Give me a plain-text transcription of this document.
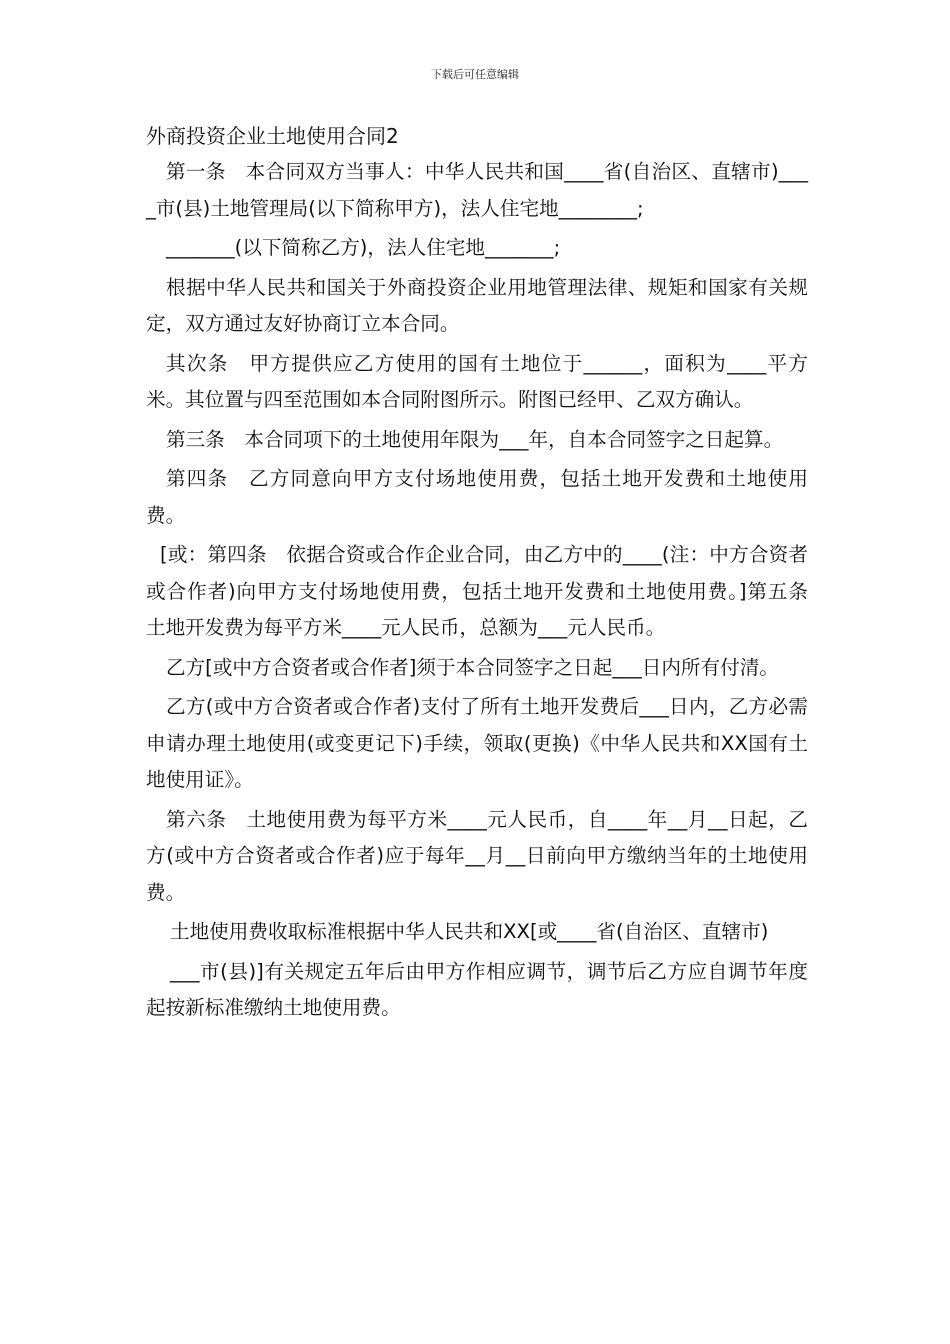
下载后可任意编辑
外商投资企业土地使用合同2

第一条　本合同双方当事人：中华人民共和国____省(自治区、直辖市)____市(县)土地管理局(以下简称甲方)，法人住宅地________;

_______(以下简称乙方)，法人住宅地_______;

根据中华人民共和国关于外商投资企业用地管理法律、规矩和国家有关规定，双方通过友好协商订立本合同。

其次条　甲方提供应乙方使用的国有土地位于______，面积为____平方米。其位置与四至范围如本合同附图所示。附图已经甲、乙双方确认。

第三条　本合同项下的土地使用年限为___年，自本合同签字之日起算。

第四条　乙方同意向甲方支付场地使用费，包括土地开发费和土地使用费。

[或：第四条　依据合资或合作企业合同，由乙方中的____(注：中方合资者或合作者)向甲方支付场地使用费，包括土地开发费和土地使用费。]第五条　土地开发费为每平方米____元人民币，总额为___元人民币。

乙方[或中方合资者或合作者]须于本合同签字之日起___日内所有付清。

乙方(或中方合资者或合作者)支付了所有土地开发费后___日内，乙方必需申请办理土地使用(或变更记下)手续，领取(更换)《中华人民共和XX国有土地使用证》。

第六条　土地使用费为每平方米____元人民币，自____年__月__日起，乙方(或中方合资者或合作者)应于每年__月__日前向甲方缴纳当年的土地使用费。

土地使用费收取标准根据中华人民共和XX[或____省(自治区、直辖市)

___市(县)]有关规定五年后由甲方作相应调节，调节后乙方应自调节年度起按新标准缴纳土地使用费。
